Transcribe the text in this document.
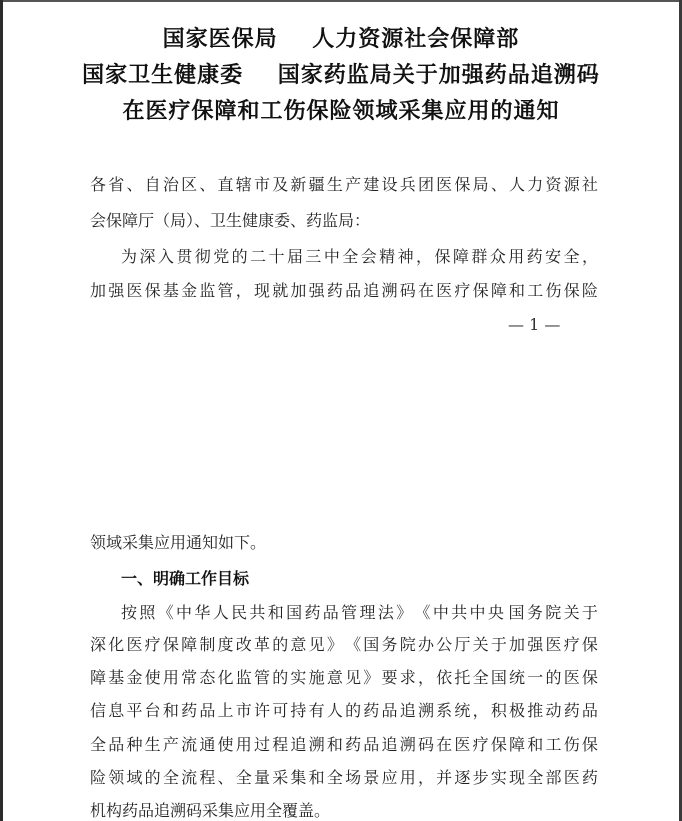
国家医保局    人力资源社会保障部
国家卫生健康委    国家药监局关于加强药品追溯码
在医疗保障和工伤保险领域采集应用的通知
各 省 、 自 治 区 、 直 辖 市 及 新 疆 生 产 建 设 兵 团 医 保 局 、 人 力 资 源 社
会保障厅（局）、卫生健康委、药监局：
为 深 入 贯 彻 党 的 二 十 届 三 中 全 会 精 神 ， 保 障 群 众 用 药 安 全 ，
加 强 医 保 基 金 监 管 ， 现 就 加 强 药 品 追 溯 码 在 医 疗 保 障 和 工 伤 保 险
— 1 —
领域采集应用通知如下。
一、明确工作目标
按 照 《 中 华 人 民 共 和 国 药 品 管 理 法 》 《 中 共 中 央 国 务 院 关 于
深 化 医 疗 保 障 制 度 改 革 的 意 见 》 《 国 务 院 办 公 厅 关 于 加 强 医 疗 保
障 基 金 使 用 常 态 化 监 管 的 实 施 意 见 》 要 求 ， 依 托 全 国 统 一 的 医 保
信 息 平 台 和 药 品 上 市 许 可 持 有 人 的 药 品 追 溯 系 统 ， 积 极 推 动 药 品
全 品 种 生 产 流 通 使 用 过 程 追 溯 和 药 品 追 溯 码 在 医 疗 保 障 和 工 伤 保
险 领 域 的 全 流 程 、 全 量 采 集 和 全 场 景 应 用 ， 并 逐 步 实 现 全 部 医 药
机构药品追溯码采集应用全覆盖。
